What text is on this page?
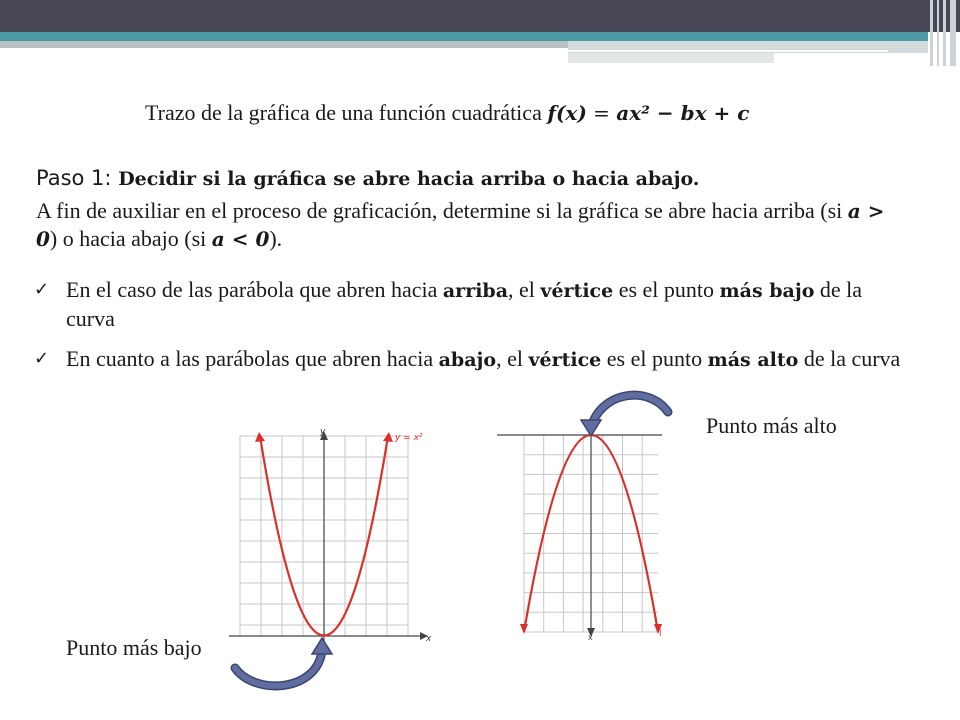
Trazo de la gráfica de una función cuadrática f(x) = ax² − bx + c
Paso 1: Decidir si la gráfica se abre hacia arriba o hacia abajo.
A fin de auxiliar en el proceso de graficación, determine si la gráfica se abre hacia arriba (si a > 0) o hacia abajo (si a < 0).
✓ En el caso de las parábola que abren hacia arriba, el vértice es el punto más bajo de la curva
✓ En cuanto a las parábolas que abren hacia abajo, el vértice es el punto más alto de la curva
y
x
y = x²
l
x
Punto más alto
Punto más bajo
